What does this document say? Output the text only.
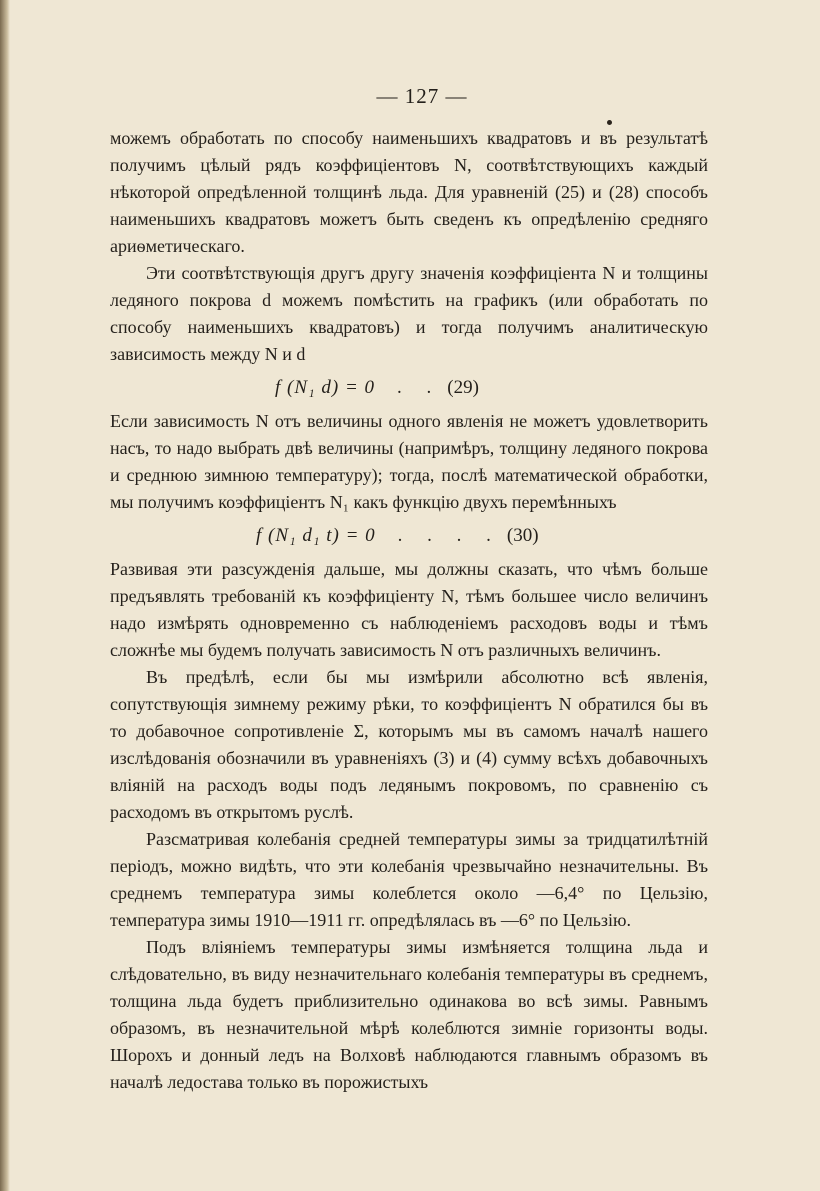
— 127 —

можемъ обработать по способу наименьшихъ квадратовъ и въ результатѣ получимъ цѣлый рядъ коэффиціентовъ N, соотвѣтствующихъ каждый нѣкоторой опредѣленной толщинѣ льда. Для уравненій (25) и (28) способъ наименьшихъ квадратовъ можетъ быть сведенъ къ опредѣленію средняго ариѳметическаго.

Эти соотвѣтствующія другъ другу значенія коэффиціента N и толщины ледяного покрова d можемъ помѣстить на графикъ (или обработать по способу наименьшихъ квадратовъ) и тогда получимъ аналитическую зависимость между N и d

f (N₁ d) = 0 . . (29)

Если зависимость N отъ величины одного явленія не можетъ удовлетворить насъ, то надо выбрать двѣ величины (напримѣръ, толщину ледяного покрова и среднюю зимнюю температуру); тогда, послѣ математической обработки, мы получимъ коэффиціентъ N₁ какъ функцію двухъ перемѣнныхъ

f (N₁ d₁ t) = 0 . . . . (30)

Развивая эти разсужденія дальше, мы должны сказать, что чѣмъ больше предъявлять требованій къ коэффиціенту N, тѣмъ большее число величинъ надо измѣрять одновременно съ наблюденіемъ расходовъ воды и тѣмъ сложнѣе мы будемъ получать зависимость N отъ различныхъ величинъ.

Въ предѣлѣ, если бы мы измѣрили абсолютно всѣ явленія, сопутствующія зимнему режиму рѣки, то коэффиціентъ N обратился бы въ то добавочное сопротивленіе Σ, которымъ мы въ самомъ началѣ нашего изслѣдованія обозначили въ уравненіяхъ (3) и (4) сумму всѣхъ добавочныхъ вліяній на расходъ воды подъ ледянымъ покровомъ, по сравненію съ расходомъ въ открытомъ руслѣ.

Разсматривая колебанія средней температуры зимы за тридцатилѣтній періодъ, можно видѣть, что эти колебанія чрезвычайно незначительны. Въ среднемъ температура зимы колеблется около —6,4° по Цельзію, температура зимы 1910—1911 гг. опредѣлялась въ —6° по Цельзію.

Подъ вліяніемъ температуры зимы измѣняется толщина льда и слѣдовательно, въ виду незначительнаго колебанія температуры въ среднемъ, толщина льда будетъ приблизительно одинакова во всѣ зимы. Равнымъ образомъ, въ незначительной мѣрѣ колеблются зимніе горизонты воды. Шорохъ и донный ледъ на Волховѣ наблюдаются главнымъ образомъ въ началѣ ледостава только въ порожистыхъ
